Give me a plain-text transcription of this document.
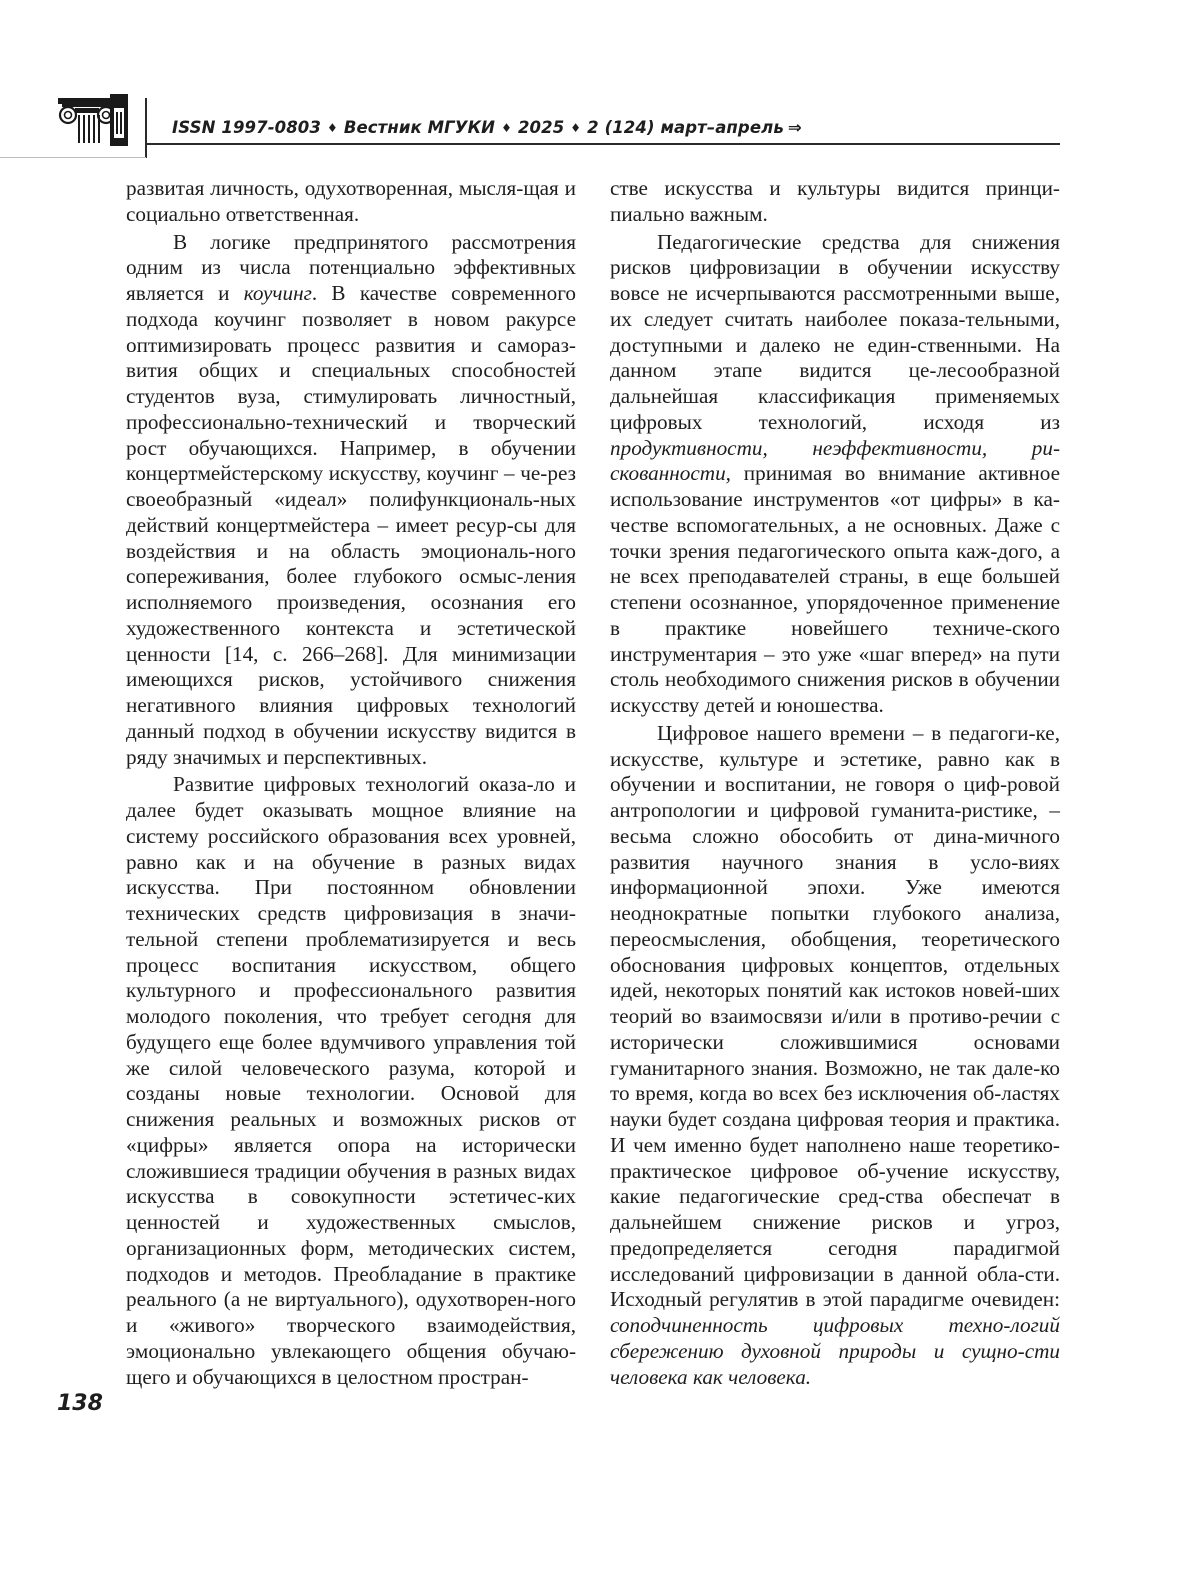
ISSN 1997-0803 ♦ Вестник МГУКИ ♦ 2025 ♦ 2 (124) март–апрель ⇒

развитая личность, одухотворенная, мысля-щая и социально ответственная.

В логике предпринятого рассмотрения одним из числа потенциально эффективных является и коучинг. В качестве современного подхода коучинг позволяет в новом ракурсе оптимизировать процесс развития и самораз-вития общих и специальных способностей студентов вуза, стимулировать личностный, профессионально-технический и творческий рост обучающихся. Например, в обучении концертмейстерскому искусству, коучинг – че-рез своеобразный «идеал» полифункциональ-ных действий концертмейстера – имеет ресур-сы для воздействия и на область эмоциональ-ного сопереживания, более глубокого осмыс-ления исполняемого произведения, осознания его художественного контекста и эстетической ценности [14, с. 266–268]. Для минимизации имеющихся рисков, устойчивого снижения негативного влияния цифровых технологий данный подход в обучении искусству видится в ряду значимых и перспективных.

Развитие цифровых технологий оказа-ло и далее будет оказывать мощное влияние на систему российского образования всех уровней, равно как и на обучение в разных видах искусства. При постоянном обновлении технических средств цифровизация в значи-тельной степени проблематизируется и весь процесс воспитания искусством, общего культурного и профессионального развития молодого поколения, что требует сегодня для будущего еще более вдумчивого управления той же силой человеческого разума, которой и созданы новые технологии. Основой для снижения реальных и возможных рисков от «цифры» является опора на исторически сложившиеся традиции обучения в разных видах искусства в совокупности эстетичес-ких ценностей и художественных смыслов, организационных форм, методических систем, подходов и методов. Преобладание в практике реального (а не виртуального), одухотворен-ного и «живого» творческого взаимодействия, эмоционально увлекающего общения обучаю-щего и обучающихся в целостном простран-

стве искусства и культуры видится принци-пиально важным.

Педагогические средства для снижения рисков цифровизации в обучении искусству вовсе не исчерпываются рассмотренными выше, их следует считать наиболее показа-тельными, доступными и далеко не един-ственными. На данном этапе видится це-лесообразной дальнейшая классификация применяемых цифровых технологий, исходя из продуктивности, неэффективности, ри-скованности, принимая во внимание активное использование инструментов «от цифры» в ка-честве вспомогательных, а не основных. Даже с точки зрения педагогического опыта каж-дого, а не всех преподавателей страны, в еще большей степени осознанное, упорядоченное применение в практике новейшего техниче-ского инструментария – это уже «шаг вперед» на пути столь необходимого снижения рисков в обучении искусству детей и юношества.

Цифровое нашего времени – в педагоги-ке, искусстве, культуре и эстетике, равно как в обучении и воспитании, не говоря о циф-ровой антропологии и цифровой гуманита-ристике, – весьма сложно обособить от дина-мичного развития научного знания в усло-виях информационной эпохи. Уже имеются неоднократные попытки глубокого анализа, переосмысления, обобщения, теоретического обоснования цифровых концептов, отдельных идей, некоторых понятий как истоков новей-ших теорий во взаимосвязи и/или в противо-речии с исторически сложившимися основами гуманитарного знания. Возможно, не так дале-ко то время, когда во всех без исключения об-ластях науки будет создана цифровая теория и практика. И чем именно будет наполнено наше теоретико-практическое цифровое об-учение искусству, какие педагогические сред-ства обеспечат в дальнейшем снижение рисков и угроз, предопределяется сегодня парадигмой исследований цифровизации в данной обла-сти. Исходный регулятив в этой парадигме очевиден: соподчиненность цифровых техно-логий сбережению духовной природы и сущно-сти человека как человека.

138
